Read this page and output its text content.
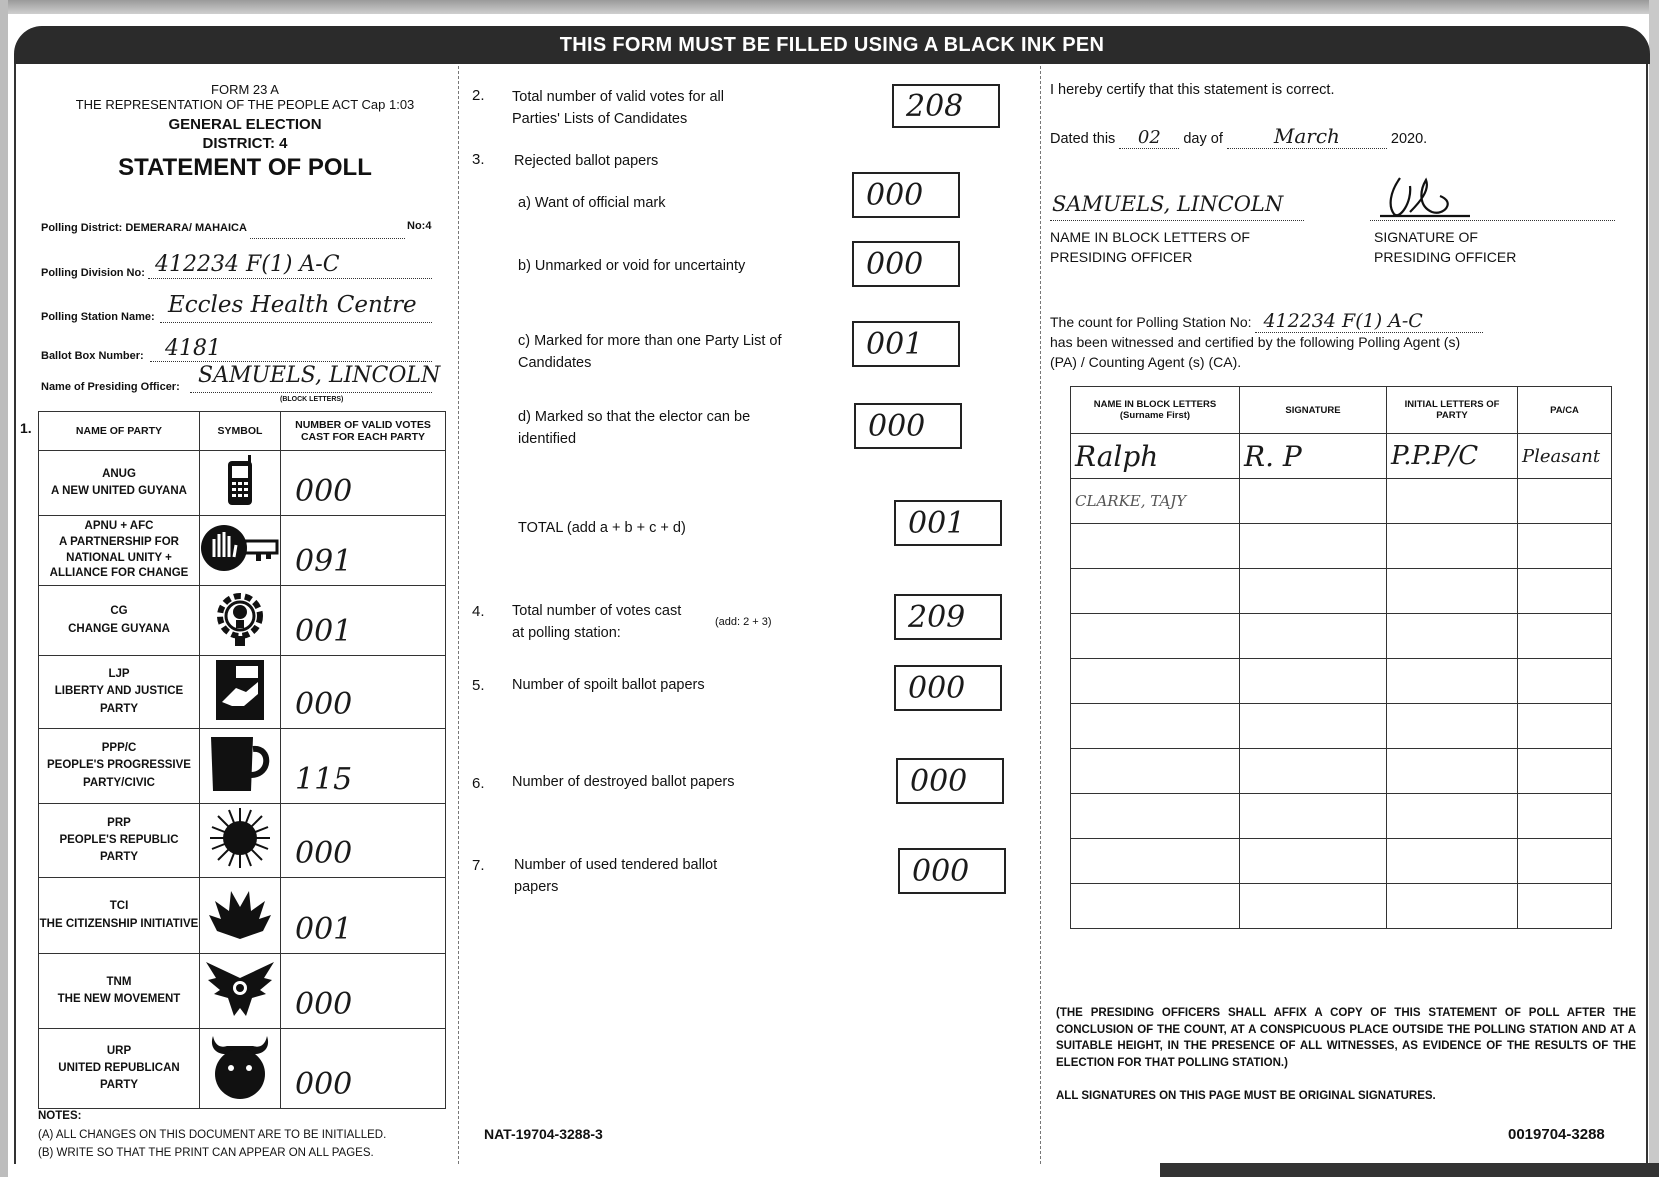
THIS FORM MUST BE FILLED USING A BLACK INK PEN
FORM 23 A
THE REPRESENTATION OF THE PEOPLE ACT Cap 1:03
GENERAL ELECTION
DISTRICT: 4
STATEMENT OF POLL
Polling District: DEMERARA/ MAHAICA	No:4
Polling Division No: 412234 F(1) A-C
Polling Station Name: Eccles Health Centre
Ballot Box Number: 4181
Name of Presiding Officer: SAMUELS, LINCOLN
(BLOCK LETTERS)
1.	NAME OF PARTY	SYMBOL	NUMBER OF VALID VOTES CAST FOR EACH PARTY

ANUG
A NEW UNITED GUYANA		000

APNU + AFC
A PARTNERSHIP FOR NATIONAL UNITY + ALLIANCE FOR CHANGE		091

CG
CHANGE GUYANA		001

LJP
LIBERTY AND JUSTICE PARTY		000

PPP/C
PEOPLE'S PROGRESSIVE PARTY/CIVIC		115

PRP
PEOPLE'S REPUBLIC PARTY		000

TCI
THE CITIZENSHIP INITIATIVE		001

TNM
THE NEW MOVEMENT		000

URP
UNITED REPUBLICAN PARTY		000
NOTES:
(A) ALL CHANGES ON THIS DOCUMENT ARE TO BE INITIALLED.
(B) WRITE SO THAT THE PRINT CAN APPEAR ON ALL PAGES.
2. Total number of valid votes for all Parties' Lists of Candidates	208
3. Rejected ballot papers
a) Want of official mark	000
b) Unmarked or void for uncertainty	000
c) Marked for more than one Party List of Candidates
001
d) Marked so that the elector can be identified	000
TOTAL (add a + b + c + d)	001
4. Total number of votes cast at polling station:
(add: 2 + 3)	209
5. Number of spoilt ballot papers	000
6. Number of destroyed ballot papers	000
7. Number of used tendered ballot papers	000
NAT-19704-3288-3
I hereby certify that this statement is correct.
Dated this 02 day of	March	2020.
SAMUELS, LINCOLN
NAME IN BLOCK LETTERS OF PRESIDING OFFICER
SIGNATURE OF PRESIDING OFFICER
The count for Polling Station No: 412234 F(1) A-C
has been witnessed and certified by the following Polling Agent (s) (PA) / Counting Agent (s) (CA).
NAME IN BLOCK LETTERS (Surname First)	SIGNATURE	INITIAL LETTERS OF PARTY	PA/CA
Ralph	R. P	P.P.P/C	Pleasant
CLARKE, TAJY			

(THE PRESIDING OFFICERS SHALL AFFIX A COPY OF THIS STATEMENT OF POLL AFTER THE CONCLUSION OF THE COUNT, AT A CONSPICUOUS PLACE OUTSIDE THE POLLING STATION AND AT A SUITABLE HEIGHT, IN THE PRESENCE OF ALL WITNESSES, AS EVIDENCE OF THE RESULTS OF THE ELECTION FOR THAT POLLING STATION.)
ALL SIGNATURES ON THIS PAGE MUST BE ORIGINAL SIGNATURES.
0019704-3288
